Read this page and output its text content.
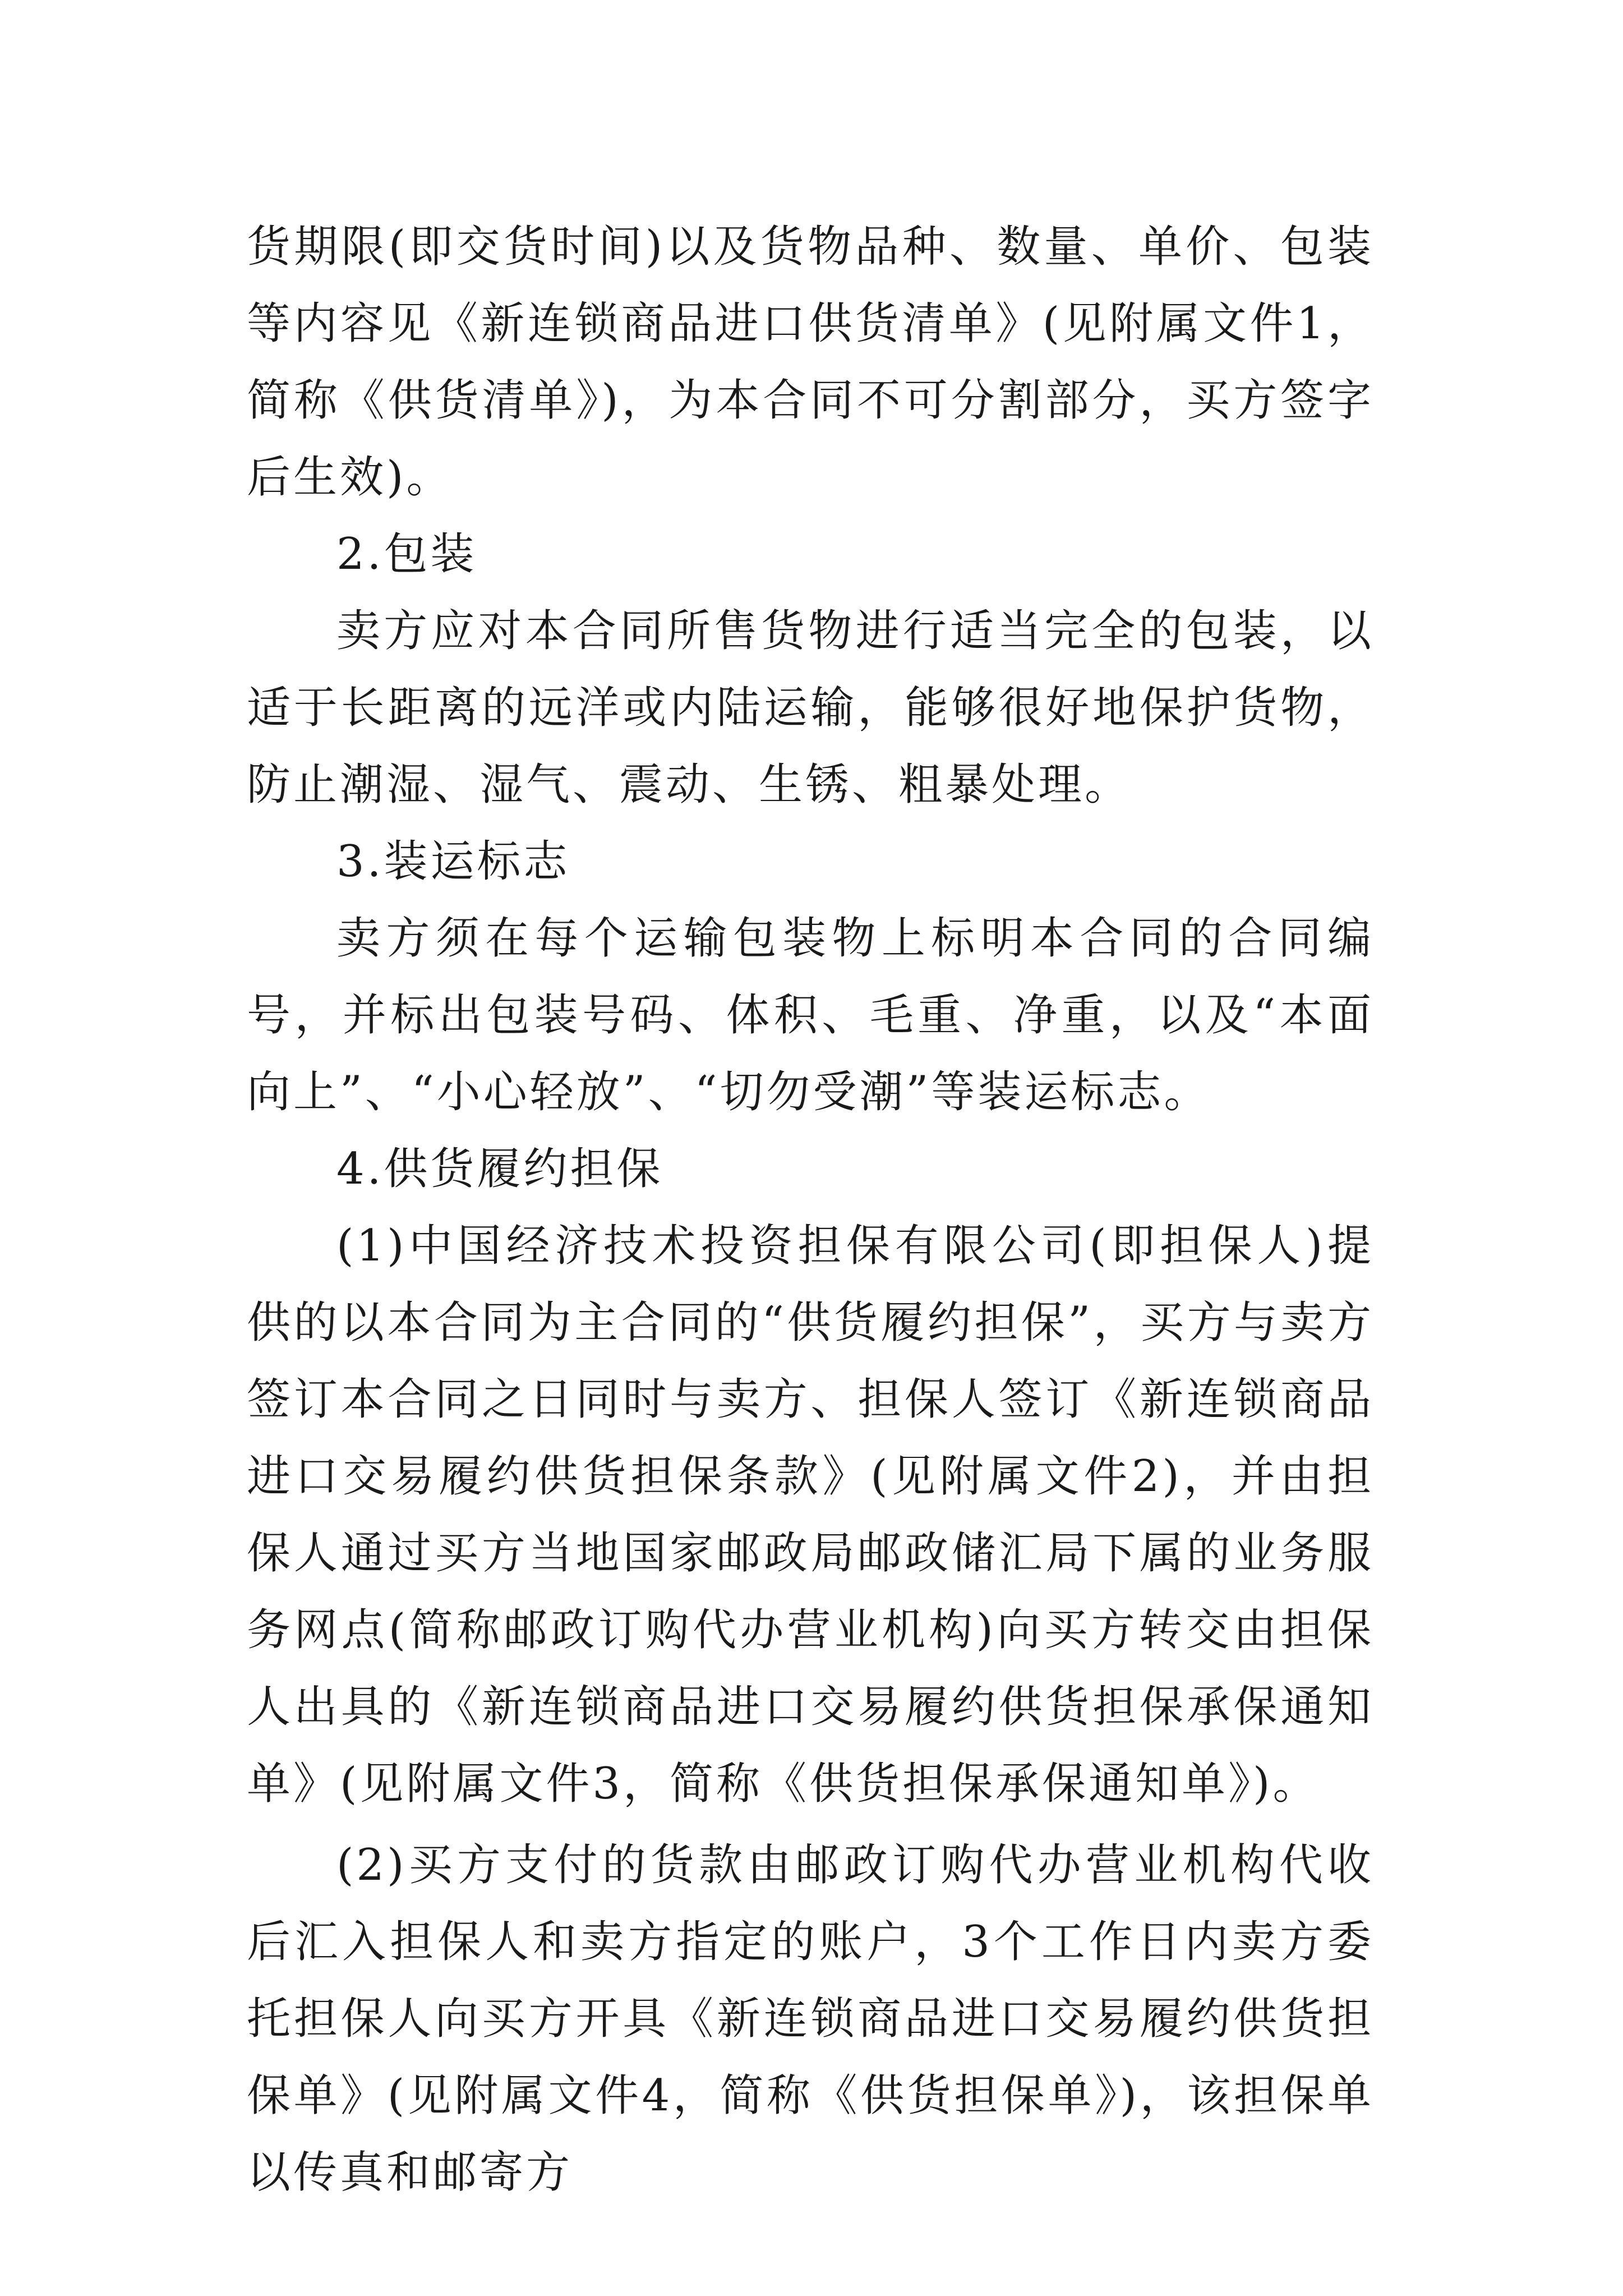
货期限(即交货时间)以及货物品种、数量、单价、包装等内容见《新连锁商品进口供货清单》(见附属文件1，简称《供货清单》)，为本合同不可分割部分，买方签字后生效)。

2.包装

卖方应对本合同所售货物进行适当完全的包装，以适于长距离的远洋或内陆运输，能够很好地保护货物，防止潮湿、湿气、震动、生锈、粗暴处理。

3.装运标志

卖方须在每个运输包装物上标明本合同的合同编号，并标出包装号码、体积、毛重、净重，以及“本面向上”、“小心轻放”、“切勿受潮”等装运标志。

4.供货履约担保

(1)中国经济技术投资担保有限公司(即担保人)提供的以本合同为主合同的“供货履约担保”，买方与卖方签订本合同之日同时与卖方、担保人签订《新连锁商品进口交易履约供货担保条款》(见附属文件2)，并由担保人通过买方当地国家邮政局邮政储汇局下属的业务服务网点(简称邮政订购代办营业机构)向买方转交由担保人出具的《新连锁商品进口交易履约供货担保承保通知单》(见附属文件3，简称《供货担保承保通知单》)。

(2)买方支付的货款由邮政订购代办营业机构代收后汇入担保人和卖方指定的账户，3个工作日内卖方委托担保人向买方开具《新连锁商品进口交易履约供货担保单》(见附属文件4，简称《供货担保单》)，该担保单以传真和邮寄方
